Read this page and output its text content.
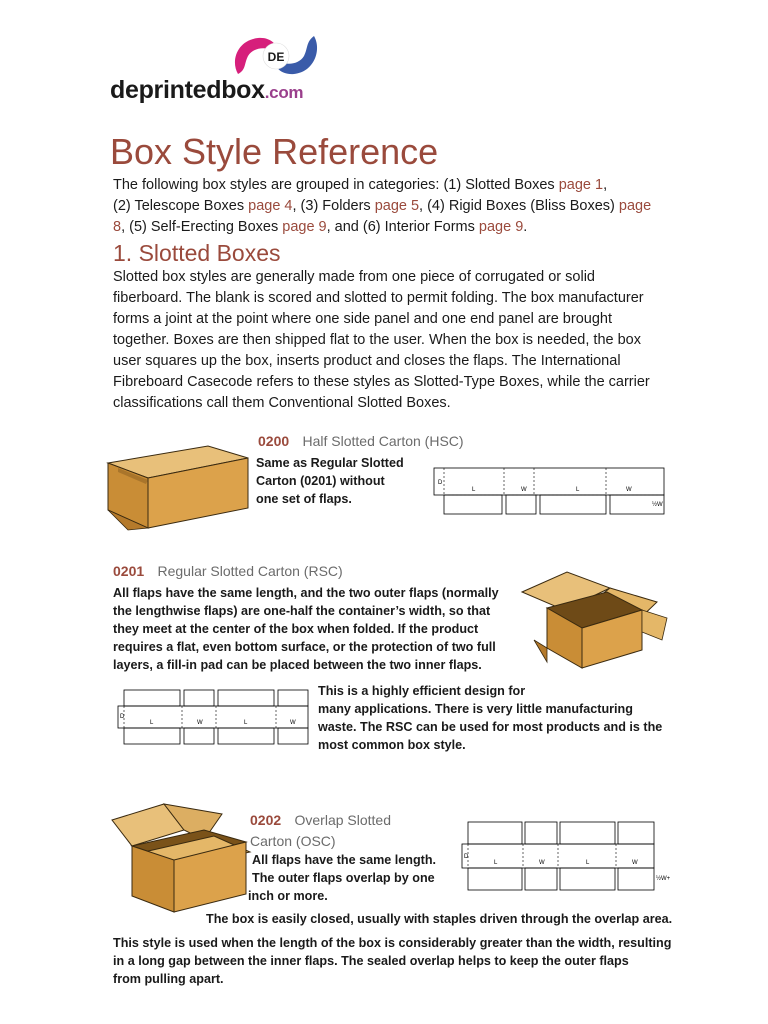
DE
deprintedbox.com
Box Style Reference
The following box styles are grouped in categories: (1) Slotted Boxes page 1,
(2) Telescope Boxes page 4, (3) Folders page 5, (4) Rigid Boxes (Bliss Boxes) page
8, (5) Self-Erecting Boxes page 9, and (6) Interior Forms page 9.
1. Slotted Boxes
Slotted box styles are generally made from one piece of corrugated or solid
fiberboard. The blank is scored and slotted to permit folding. The box manufacturer
forms a joint at the point where one side panel and one end panel are brought
together. Boxes are then shipped flat to the user. When the box is needed, the box
user squares up the box, inserts product and closes the flaps. The International
Fibreboard Casecode refers to these styles as Slotted-Type Boxes, while the carrier
classifications call them Conventional Slotted Boxes.
0200 Half Slotted Carton (HSC)
Same as Regular Slotted
Carton (0201) without
one set of flaps.
D
L	W	L	W
½W
0201 Regular Slotted Carton (RSC)
All flaps have the same length, and the two outer flaps (normally
the lengthwise flaps) are one-half the container’s width, so that
they meet at the center of the box when folded. If the product
requires a flat, even bottom surface, or the protection of two full
layers, a fill-in pad can be placed between the two inner flaps.
D
L	W	L	W
This is a highly efficient design for
many applications. There is very little manufacturing
waste. The RSC can be used for most products and is the
most common box style.
0202 Overlap Slotted
Carton (OSC)
All flaps have the same length.
The outer flaps overlap by one
inch or more.
D
L	W	L	W
½W+
The box is easily closed, usually with staples driven through the overlap area.
This style is used when the length of the box is considerably greater than the width, resulting
in a long gap between the inner flaps. The sealed overlap helps to keep the outer flaps
from pulling apart.
